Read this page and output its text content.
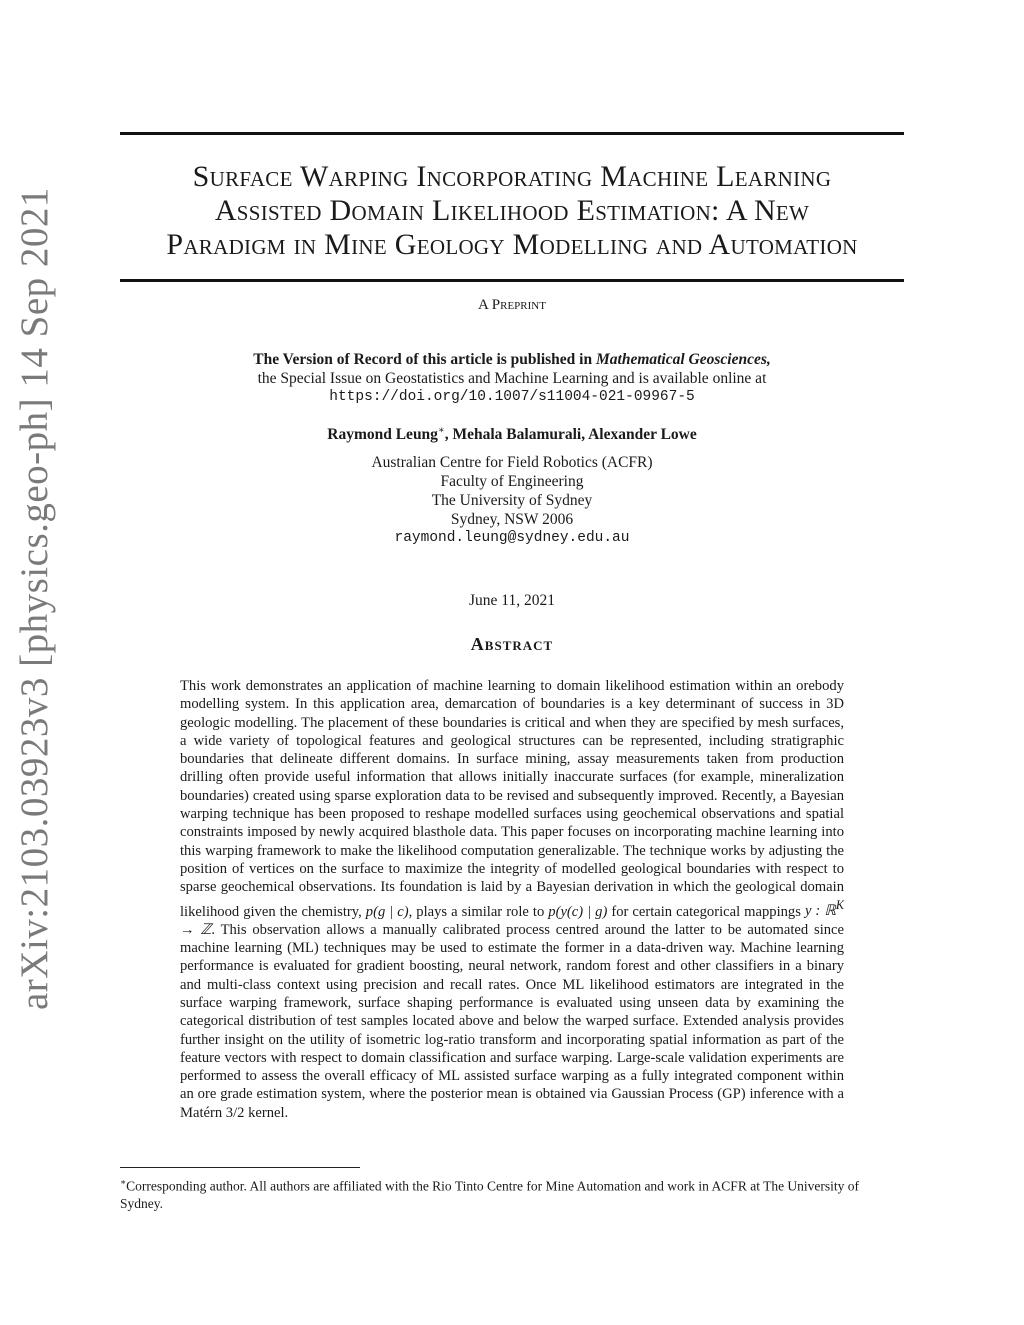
arXiv:2103.03923v3 [physics.geo-ph] 14 Sep 2021
Surface Warping Incorporating Machine Learning
Assisted Domain Likelihood Estimation: A New
Paradigm in Mine Geology Modelling and Automation
A Preprint
The Version of Record of this article is published in Mathematical Geosciences,
the Special Issue on Geostatistics and Machine Learning and is available online at
https://doi.org/10.1007/s11004-021-09967-5
Raymond Leung∗, Mehala Balamurali, Alexander Lowe
Australian Centre for Field Robotics (ACFR)
Faculty of Engineering
The University of Sydney
Sydney, NSW 2006
raymond.leung@sydney.edu.au
June 11, 2021
Abstract
This work demonstrates an application of machine learning to domain likelihood estimation within an orebody modelling system. In this application area, demarcation of boundaries is a key determinant of success in 3D geologic modelling. The placement of these boundaries is critical and when they are specified by mesh surfaces, a wide variety of topological features and geological structures can be represented, including stratigraphic boundaries that delineate different domains. In surface mining, assay measurements taken from production drilling often provide useful information that allows initially inaccurate surfaces (for example, mineralization boundaries) created using sparse exploration data to be revised and subsequently improved. Recently, a Bayesian warping technique has been proposed to reshape modelled surfaces using geochemical observations and spatial constraints imposed by newly acquired blasthole data. This paper focuses on incorporating machine learning into this warping framework to make the likelihood computation generalizable. The technique works by adjusting the position of vertices on the surface to maximize the integrity of modelled geological boundaries with respect to sparse geochemical observations. Its foundation is laid by a Bayesian derivation in which the geological domain likelihood given the chemistry, p(g | c), plays a similar role to p(y(c) | g) for certain categorical mappings y : ℝ$^K$ → ℤ. This observation allows a manually calibrated process centred around the latter to be automated since machine learning (ML) techniques may be used to estimate the former in a data-driven way. Machine learning performance is evaluated for gradient boosting, neural network, random forest and other classifiers in a binary and multi-class context using precision and recall rates. Once ML likelihood estimators are integrated in the surface warping framework, surface shaping performance is evaluated using unseen data by examining the categorical distribution of test samples located above and below the warped surface. Extended analysis provides further insight on the utility of isometric log-ratio transform and incorporating spatial information as part of the feature vectors with respect to domain classification and surface warping. Large-scale validation experiments are performed to assess the overall efficacy of ML assisted surface warping as a fully integrated component within an ore grade estimation system, where the posterior mean is obtained via Gaussian Process (GP) inference with a Matérn 3/2 kernel.
∗Corresponding author. All authors are affiliated with the Rio Tinto Centre for Mine Automation and work in ACFR at The University of Sydney.
